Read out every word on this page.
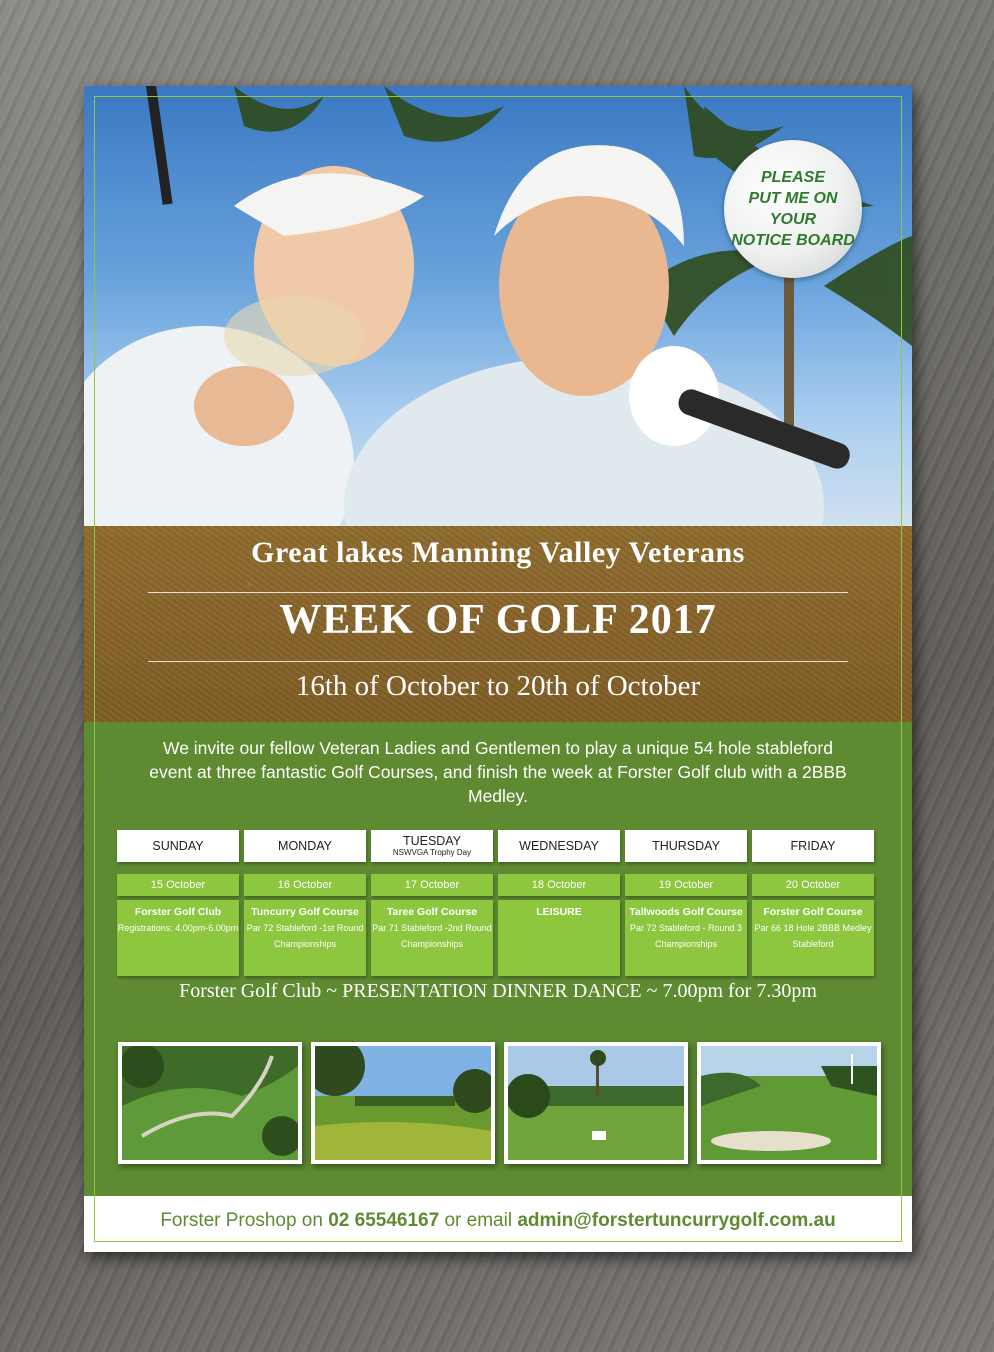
PLEASE
PUT ME ON YOUR
NOTICE BOARD
Great lakes Manning Valley Veterans
WEEK OF GOLF 2017
16th of October to 20th of October
We invite our fellow Veteran Ladies and Gentlemen to play a unique 54 hole stableford event at three fantastic Golf Courses, and finish the week at Forster Golf club with a 2BBB Medley.
SUNDAY
15 October
Forster Golf Club
Registrations: 4.00pm-6.00pm
MONDAY
16 October
Tuncurry Golf Course
Par 72 Stableford -1st Round Championships
TUESDAY
NSWVGA Trophy Day
17 October
Taree Golf Course
Par 71 Stableford -2nd Round Championships
WEDNESDAY
18 October
LEISURE
THURSDAY
19 October
Tallwoods Golf Course
Par 72 Stableford - Round 3 Championships
FRIDAY
20 October
Forster Golf Course
Par 66 18 Hole 2BBB Medley Stableford
Forster Golf Club ~ PRESENTATION DINNER DANCE ~ 7.00pm for 7.30pm
Forster Proshop on 02 65546167 or email admin@forstertuncurrygolf.com.au
